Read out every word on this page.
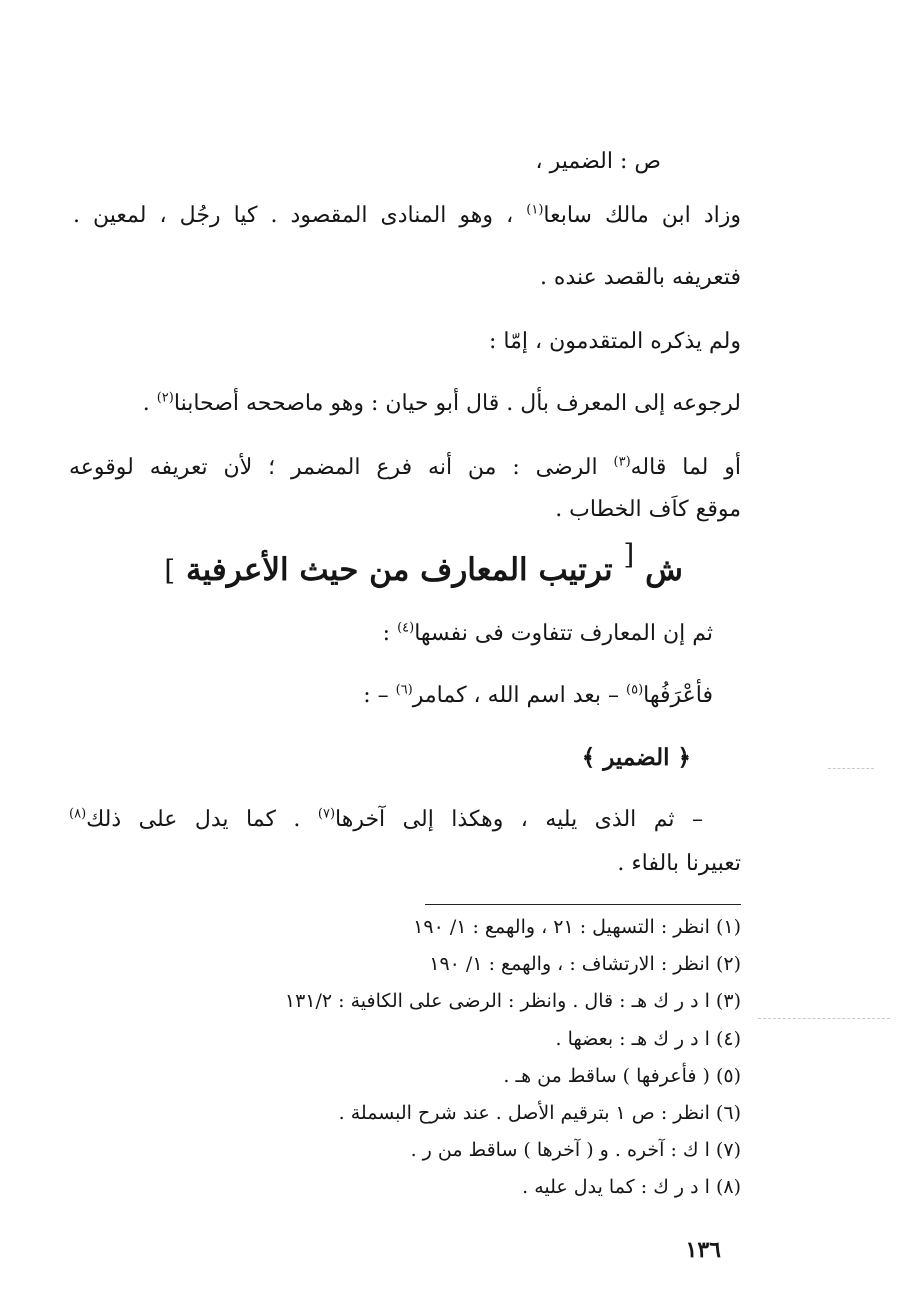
ص : الضمير ،
وزاد ابن مالك سابعا$^{(١)}$ ، وهو المنادى المقصود . كيا رجُل ، لمعين .
فتعريفه بالقصد عنده .
ولم يذكره المتقدمون ، إمّا :
لرجوعه إلى المعرف بأل . قال أبو حيان : وهو ماصححه أصحابنا$^{(٢)}$ .
أو لما قاله$^{(٣)}$ الرضى : من أنه فرع المضمر ؛ لأن تعريفه لوقوعه
موقع كاَف الخطاب .
ش [ ترتيب المعارف من حيث الأعرفية ]
ثم إن المعارف تتفاوت فى نفسها$^{(٤)}$ :
فأعْرَفُها$^{(٥)}$ – بعد اسم الله ، كمامر$^{(٦)}$ – :
﴿ الضمير ﴾
– ثم الذى يليه ، وهكذا إلى آخرها$^{(٧)}$ . كما يدل على ذلك$^{(٨)}$
تعبيرنا بالفاء .
(١) انظر : التسهيل : ٢١ ، والهمع : ١/ ١٩٠
(٢) انظر : الارتشاف : ، والهمع : ١/ ١٩٠
(٣) ا د ر ك هـ : قال . وانظر : الرضى على الكافية : ١٣١/٢
(٤) ا د ر ك هـ : بعضها .
(٥) ( فأعرفها ) ساقط من هـ .
(٦) انظر : ص ١ بترقيم الأصل . عند شرح البسملة .
(٧) ا ك : آخره . و ( آخرها ) ساقط من ر .
(٨) ا د ر ك : كما يدل عليه .
١٣٦
